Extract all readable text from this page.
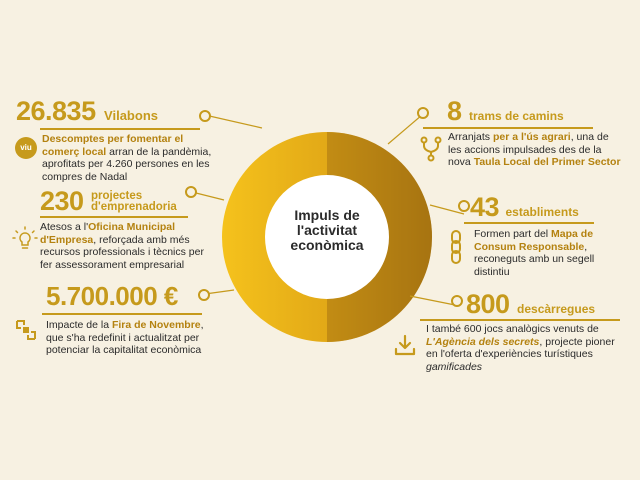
Impuls de
l'activitat
econòmica
26.835 Vilabons
viu
Descomptes per fomentar el comerç local arran de la pandèmia, aprofitats per 4.260 persones en les compres de Nadal
230 projectes
d'emprenadoria
Atesos a l'Oficina Municipal d'Empresa, reforçada amb més recursos professionals i tècnics per fer assessorament empresarial
5.700.000 €
Impacte de la Fira de Novembre, que s'ha redefinit i actualitzat per potenciar la capitalitat econòmica
8 trams de camins
Arranjats per a l'ús agrari, una de les accions impulsades des de la nova Taula Local del Primer Sector
43 establiments
Formen part del Mapa de Consum Responsable, reconeguts amb un segell distintiu
800 descàrregues
I també 600 jocs analògics venuts de L'Agència dels secrets, projecte pioner en l'oferta d'experiències turístiques gamificades
